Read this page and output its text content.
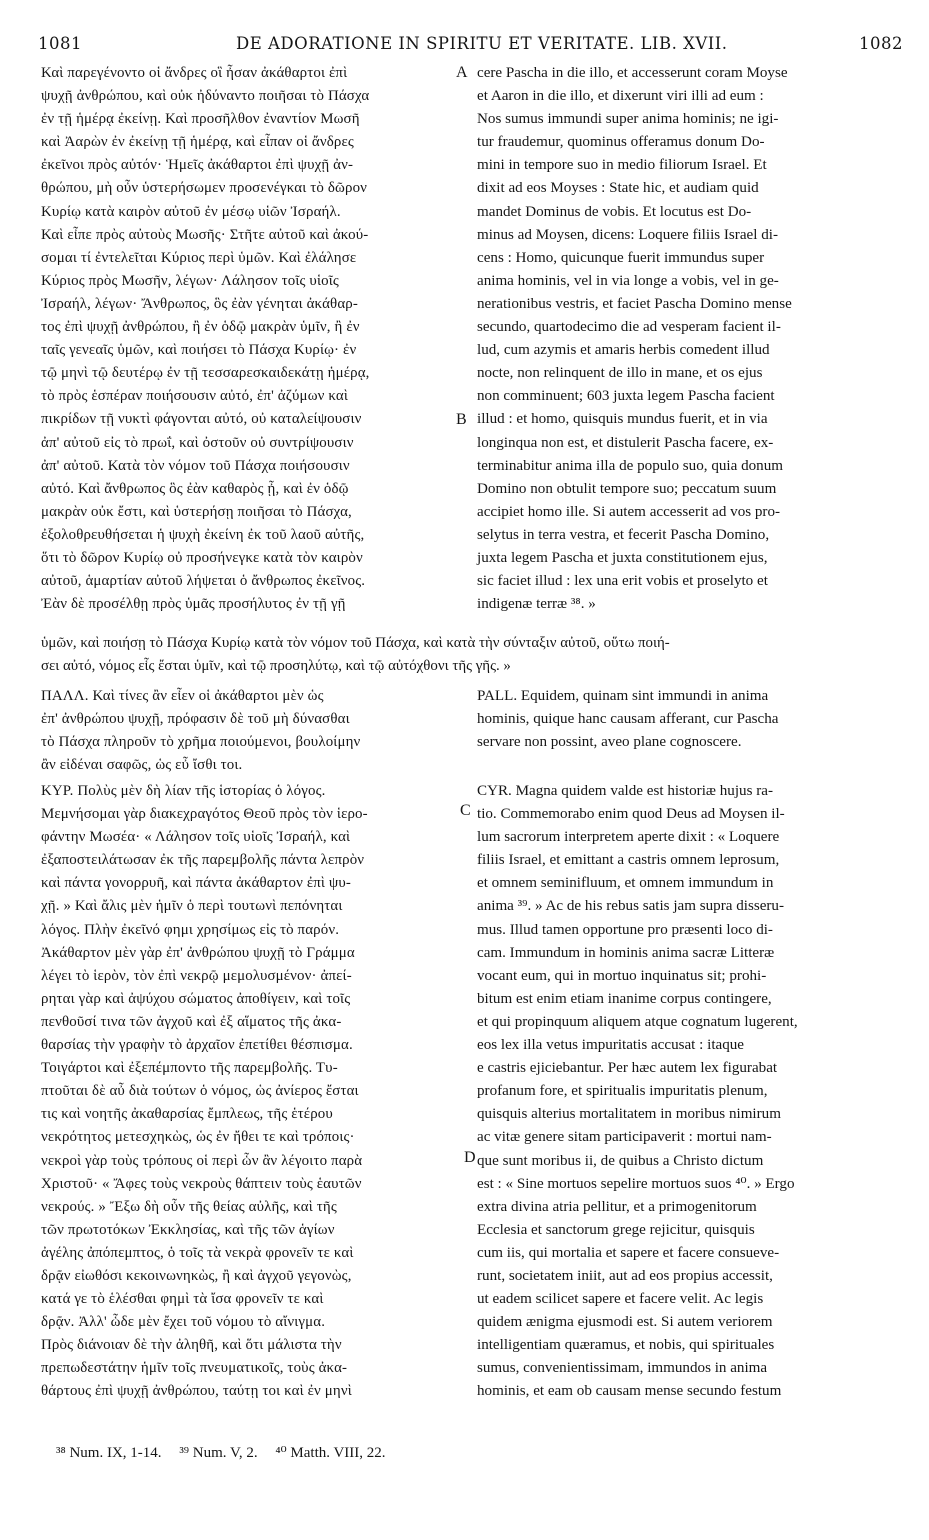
1081	DE ADORATIONE IN SPIRITU ET VERITATE. LIB. XVII.	1082
Καὶ παρεγένοντο οἱ ἄνδρες οἳ ἦσαν ἀκάθαρτοι ἐπὶ
ψυχῇ ἀνθρώπου, καὶ οὐκ ἠδύναντο ποιῆσαι τὸ Πάσχα
ἐν τῇ ἡμέρᾳ ἐκείνῃ. Καὶ προσῆλθον ἐναντίον Μωσῆ
καὶ Ἀαρὼν ἐν ἐκείνῃ τῇ ἡμέρᾳ, καὶ εἶπαν οἱ ἄνδρες
ἐκεῖνοι πρὸς αὐτόν· Ἡμεῖς ἀκάθαρτοι ἐπὶ ψυχῇ ἀν-
θρώπου, μὴ οὖν ὑστερήσωμεν προσενέγκαι τὸ δῶρον
Κυρίῳ κατὰ καιρὸν αὐτοῦ ἐν μέσῳ υἱῶν Ἰσραήλ.
Καὶ εἶπε πρὸς αὐτοὺς Μωσῆς· Στῆτε αὐτοῦ καὶ ἀκού-
σομαι τί ἐντελεῖται Κύριος περὶ ὑμῶν. Καὶ ἐλάλησε
Κύριος πρὸς Μωσῆν, λέγων· Λάλησον τοῖς υἱοῖς
Ἰσραήλ, λέγων· Ἄνθρωπος, ὃς ἐὰν γένηται ἀκάθαρ-
τος ἐπὶ ψυχῇ ἀνθρώπου, ἢ ἐν ὁδῷ μακρὰν ὑμῖν, ἢ ἐν
ταῖς γενεαῖς ὑμῶν, καὶ ποιήσει τὸ Πάσχα Κυρίῳ· ἐν
τῷ μηνὶ τῷ δευτέρῳ ἐν τῇ τεσσαρεσκαιδεκάτῃ ἡμέρᾳ,
τὸ πρὸς ἑσπέραν ποιήσουσιν αὐτό, ἐπ' ἀζύμων καὶ
πικρίδων τῇ νυκτὶ φάγονται αὐτό, οὐ καταλείψουσιν
ἀπ' αὐτοῦ εἰς τὸ πρωΐ, καὶ ὀστοῦν οὐ συντρίψουσιν
ἀπ' αὐτοῦ. Κατὰ τὸν νόμον τοῦ Πάσχα ποιήσουσιν
αὐτό. Καὶ ἄνθρωπος ὃς ἐὰν καθαρὸς ᾖ, καὶ ἐν ὁδῷ
μακρὰν οὐκ ἔστι, καὶ ὑστερήσῃ ποιῆσαι τὸ Πάσχα,
ἐξολοθρευθήσεται ἡ ψυχὴ ἐκείνη ἐκ τοῦ λαοῦ αὐτῆς,
ὅτι τὸ δῶρον Κυρίῳ οὐ προσήνεγκε κατὰ τὸν καιρὸν
αὐτοῦ, ἁμαρτίαν αὐτοῦ λήψεται ὁ ἄνθρωπος ἐκεῖνος.
Ἐὰν δὲ προσέλθῃ πρὸς ὑμᾶς προσήλυτος ἐν τῇ γῇ
cere Pascha in die illo, et accesserunt coram Moyse
et Aaron in die illo, et dixerunt viri illi ad eum :
Nos sumus immundi super anima hominis; ne igi-
tur fraudemur, quominus offeramus donum Do-
mini in tempore suo in medio filiorum Israel. Et
dixit ad eos Moyses : State hic, et audiam quid
mandet Dominus de vobis. Et locutus est Do-
minus ad Moysen, dicens: Loquere filiis Israel di-
cens : Homo, quicunque fuerit immundus super
anima hominis, vel in via longe a vobis, vel in ge-
nerationibus vestris, et faciet Pascha Domino mense
secundo, quartodecimo die ad vesperam facient il-
lud, cum azymis et amaris herbis comedent illud
nocte, non relinquent de illo in mane, et os ejus
non comminuent; 603 juxta legem Pascha facient
illud : et homo, quisquis mundus fuerit, et in via
longinqua non est, et distulerit Pascha facere, ex-
terminabitur anima illa de populo suo, quia donum
Domino non obtulit tempore suo; peccatum suum
accipiet homo ille. Si autem accesserit ad vos pro-
selytus in terra vestra, et fecerit Pascha Domino,
juxta legem Pascha et juxta constitutionem ejus,
sic faciet illud : lex una erit vobis et proselyto et
indigenæ terræ ³⁸. »
ὑμῶν, καὶ ποιήσῃ τὸ Πάσχα Κυρίῳ κατὰ τὸν νόμον τοῦ Πάσχα, καὶ κατὰ τὴν σύνταξιν αὐτοῦ, οὕτω ποιή-
σει αὐτό, νόμος εἷς ἔσται ὑμῖν, καὶ τῷ προσηλύτῳ, καὶ τῷ αὐτόχθονι τῆς γῆς. »
ΠΑΛΛ. Καὶ τίνες ἂν εἶεν οἱ ἀκάθαρτοι μὲν ὡς
ἐπ' ἀνθρώπου ψυχῇ, πρόφασιν δὲ τοῦ μὴ δύνασθαι
τὸ Πάσχα πληροῦν τὸ χρῆμα ποιούμενοι, βουλοίμην
ἂν εἰδέναι σαφῶς, ὡς εὖ ἴσθι τοι.
PALL. Equidem, quinam sint immundi in anima
hominis, quique hanc causam afferant, cur Pascha
servare non possint, aveo plane cognoscere.
ΚΥΡ. Πολὺς μὲν δὴ λίαν τῆς ἱστορίας ὁ λόγος.
Μεμνήσομαι γὰρ διακεχραγότος Θεοῦ πρὸς τὸν ἱερο-
φάντην Μωσέα· « Λάλησον τοῖς υἱοῖς Ἰσραήλ, καὶ
ἐξαποστειλάτωσαν ἐκ τῆς παρεμβολῆς πάντα λεπρὸν
καὶ πάντα γονορρυῆ, καὶ πάντα ἀκάθαρτον ἐπὶ ψυ-
χῇ. » Καὶ ἄλις μὲν ἡμῖν ὁ περὶ τουτωνὶ πεπόνηται
λόγος. Πλὴν ἐκεῖνό φημι χρησίμως εἰς τὸ παρόν.
Ἀκάθαρτον μὲν γὰρ ἐπ' ἀνθρώπου ψυχῇ τὸ Γράμμα
λέγει τὸ ἱερὸν, τὸν ἐπὶ νεκρῷ μεμολυσμένον· ἀπεί-
ρηται γὰρ καὶ ἀψύχου σώματος ἀποθίγειν, καὶ τοῖς
πενθοῦσί τινα τῶν ἀγχοῦ καὶ ἐξ αἵματος τῆς ἀκα-
θαρσίας τὴν γραφὴν τὸ ἀρχαῖον ἐπετίθει θέσπισμα.
Τοιγάρτοι καὶ ἐξεπέμποντο τῆς παρεμβολῆς. Τυ-
πτοῦται δὲ αὖ διὰ τούτων ὁ νόμος, ὡς ἀνίερος ἔσται
τις καὶ νοητῆς ἀκαθαρσίας ἔμπλεως, τῆς ἑτέρου
νεκρότητος μετεσχηκὼς, ὡς ἐν ἤθει τε καὶ τρόποις·
νεκροὶ γὰρ τοὺς τρόπους οἱ περὶ ὧν ἂν λέγοιτο παρὰ
Χριστοῦ· « Ἄφες τοὺς νεκροὺς θάπτειν τοὺς ἑαυτῶν
νεκρούς. » Ἔξω δὴ οὖν τῆς θείας αὐλῆς, καὶ τῆς
τῶν πρωτοτόκων Ἐκκλησίας, καὶ τῆς τῶν ἁγίων
ἀγέλης ἀπόπεμπτος, ὁ τοῖς τὰ νεκρὰ φρονεῖν τε καὶ
δρᾷν εἰωθόσι κεκοινωνηκὼς, ἢ καὶ ἀγχοῦ γεγονὼς,
κατά γε τὸ ἑλέσθαι φημὶ τὰ ἴσα φρονεῖν τε καὶ
δρᾷν. Ἀλλ' ὧδε μὲν ἔχει τοῦ νόμου τὸ αἴνιγμα.
Πρὸς διάνοιαν δὲ τὴν ἀληθῆ, καὶ ὅτι μάλιστα τὴν
πρεπωδεστάτην ἡμῖν τοῖς πνευματικοῖς, τοὺς ἀκα-
θάρτους ἐπὶ ψυχῇ ἀνθρώπου, ταύτῃ τοι καὶ ἐν μηνὶ
CYR. Magna quidem valde est historiæ hujus ra-
tio. Commemorabo enim quod Deus ad Moysen il-
lum sacrorum interpretem aperte dixit : « Loquere
filiis Israel, et emittant a castris omnem leprosum,
et omnem seminifluum, et omnem immundum in
anima ³⁹. » Ac de his rebus satis jam supra disseru-
mus. Illud tamen opportune pro præsenti loco di-
cam. Immundum in hominis anima sacræ Litteræ
vocant eum, qui in mortuo inquinatus sit; prohi-
bitum est enim etiam inanime corpus contingere,
et qui propinquum aliquem atque cognatum lugerent,
eos lex illa vetus impuritatis accusat : itaque
e castris ejiciebantur. Per hæc autem lex figurabat
profanum fore, et spiritualis impuritatis plenum,
quisquis alterius mortalitatem in moribus nimirum
ac vitæ genere sitam participaverit : mortui nam-
que sunt moribus ii, de quibus a Christo dictum
est : « Sine mortuos sepelire mortuos suos ⁴⁰. » Ergo
extra divina atria pellitur, et a primogenitorum
Ecclesia et sanctorum grege rejicitur, quisquis
cum iis, qui mortalia et sapere et facere consueve-
runt, societatem iniit, aut ad eos propius accessit,
ut eadem scilicet sapere et facere velit. Ac legis
quidem ænigma ejusmodi est. Si autem veriorem
intelligentiam quæramus, et nobis, qui spirituales
sumus, convenientissimam, immundos in anima
hominis, et eam ob causam mense secundo festum
A
B
C
D
³⁸ Num. IX, 1-14. ³⁹ Num. V, 2. ⁴⁰ Matth. VIII, 22.
